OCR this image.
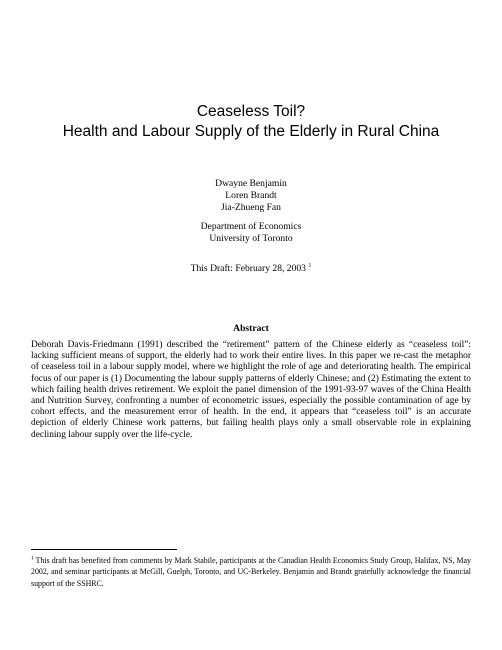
Ceaseless Toil?
Health and Labour Supply of the Elderly in Rural China
Dwayne Benjamin
Loren Brandt
Jia-Zhueng Fan
Department of Economics
University of Toronto
This Draft: February 28, 2003 $^1$
Abstract
Deborah Davis-Friedmann (1991) described the “retirement” pattern of the Chinese elderly as “ceaseless toil”: lacking sufficient means of support, the elderly had to work their entire lives. In this paper we re-cast the metaphor of ceaseless toil in a labour supply model, where we highlight the role of age and deteriorating health. The empirical focus of our paper is (1) Documenting the labour supply patterns of elderly Chinese; and (2) Estimating the extent to which failing health drives retirement. We exploit the panel dimension of the 1991-93-97 waves of the China Health and Nutrition Survey, confronting a number of econometric issues, especially the possible contamination of age by cohort effects, and the measurement error of health. In the end, it appears that “ceaseless toil” is an accurate depiction of elderly Chinese work patterns, but failing health plays only a small observable role in explaining declining labour supply over the life-cycle.
$^1$ This draft has benefited from comments by Mark Stabile, participants at the Canadian Health Economics Study Group, Halifax, NS, May 2002, and seminar participants at McGill, Guelph, Toronto, and UC-Berkeley. Benjamin and Brandt gratefully acknowledge the financial support of the SSHRC.
